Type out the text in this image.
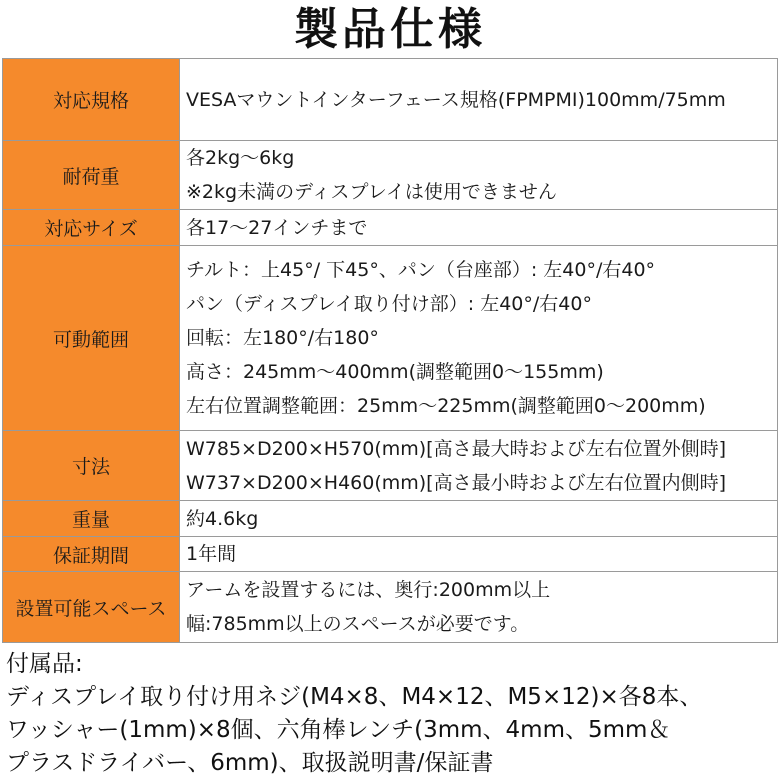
製品仕様
対応規格	VESAマウントインターフェース規格(FPMPMI)100mm/75mm

耐荷重	各2kg～6kg
※2kg未満のディスプレイは使用できません

対応サイズ	各17～27インチまで

可動範囲	チルト：上45°/ 下45°、パン（台座部）: 左40°/右40°
パン（ディスプレイ取り付け部）: 左40°/右40°
回転：左180°/右180°
高さ：245mm～400mm(調整範囲0～155mm)
左右位置調整範囲：25mm～225mm(調整範囲0～200mm)

寸法	W785×D200×H570(mm)[高さ最大時および左右位置外側時]
W737×D200×H460(mm)[高さ最小時および左右位置内側時]

重量	約4.6kg

保証期間	1年間

設置可能スペース	アームを設置するには、奥行:200mm以上
幅:785mm以上のスペースが必要です。
付属品:
ディスプレイ取り付け用ネジ(M4×8、M4×12、M5×12)×各8本、
ワッシャー(1mm)×8個、六角棒レンチ(3mm、4mm、5mm＆
プラスドライバー、6mm)、取扱説明書/保証書
